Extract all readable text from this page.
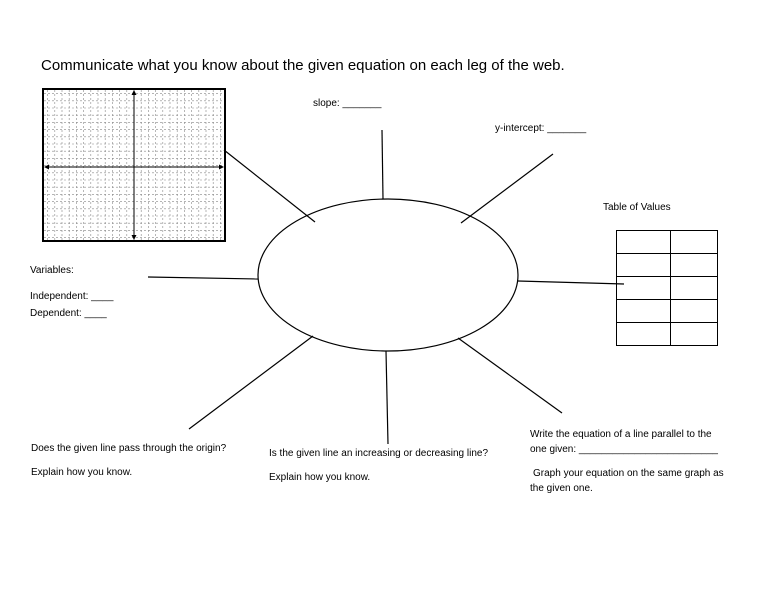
Communicate what you know about the given equation on each leg of the web.
slope: _______
y-intercept: _______
Table of Values

Variables:
Independent: ____
Dependent: ____
Does the given line pass through the origin?
Explain how you know.
Is the given line an increasing or decreasing line?
Explain how you know.
Write the equation of a line parallel to the
one given: _________________________
Graph your equation on the same graph as
the given one.
